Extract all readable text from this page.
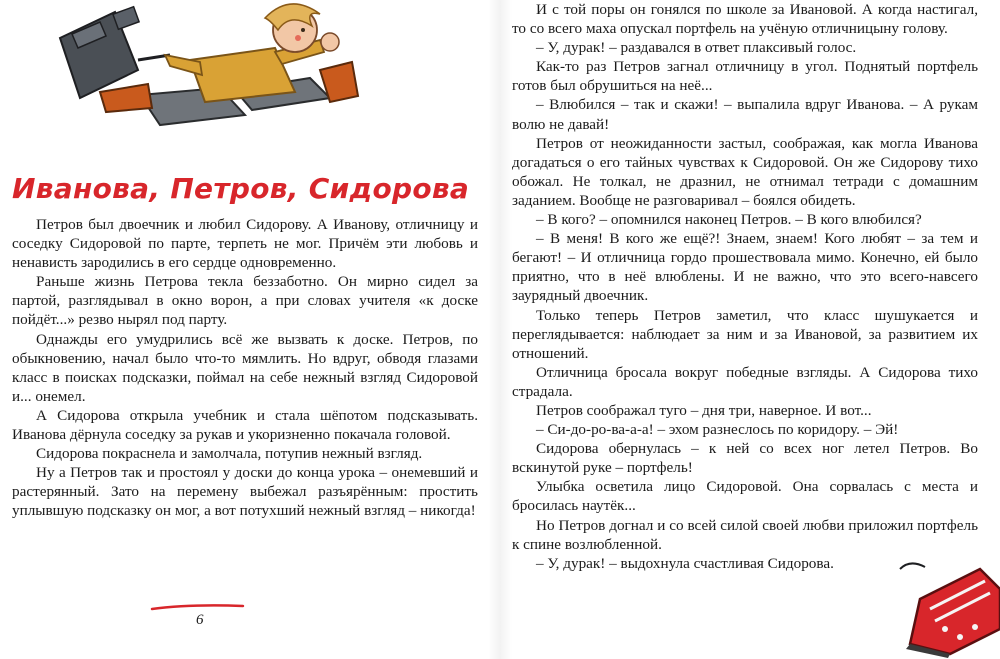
Иванова, Петров, Сидорова

Петров был двоечник и любил Сидорову. А Иванову, отличницу и соседку Сидоровой по парте, терпеть не мог. Причём эти любовь и ненависть зародились в его сердце одновременно.

Раньше жизнь Петрова текла беззаботно. Он мирно сидел за партой, разглядывал в окно ворон, а при словах учителя «к доске пойдёт...» резво нырял под парту.

Однажды его умудрились всё же вызвать к доске. Петров, по обыкновению, начал было что-то мямлить. Но вдруг, обводя глазами класс в поисках подсказки, поймал на себе нежный взгляд Сидоровой и... онемел.

А Сидорова открыла учебник и стала шёпотом подсказывать. Иванова дёрнула соседку за рукав и укоризненно покачала головой.

Сидорова покраснела и замолчала, потупив нежный взгляд.

Ну а Петров так и простоял у доски до конца урока – онемевший и растерянный. Зато на перемену выбежал разъярённым: простить уплывшую подсказку он мог, а вот потухший нежный взгляд – никогда!

6

И с той поры он гонялся по школе за Ивановой. А когда настигал, то со всего маха опускал портфель на учёную отличницыну голову.

– У, дурак! – раздавался в ответ плаксивый голос.

Как-то раз Петров загнал отличницу в угол. Поднятый портфель готов был обрушиться на неё...

– Влюбился – так и скажи! – выпалила вдруг Иванова. – А рукам волю не давай!

Петров от неожиданности застыл, соображая, как могла Иванова догадаться о его тайных чувствах к Сидоровой. Он же Сидорову тихо обожал. Не толкал, не дразнил, не отнимал тетради с домашним заданием. Вообще не разговаривал – боялся обидеть.

– В кого? – опомнился наконец Петров. – В кого влюбился?

– В меня! В кого же ещё?! Знаем, знаем! Кого любят – за тем и бегают! – И отличница гордо прошествовала мимо. Конечно, ей было приятно, что в неё влюблены. И не важно, что это всего-навсего заурядный двоечник.

Только теперь Петров заметил, что класс шушукается и переглядывается: наблюдает за ним и за Ивановой, за развитием их отношений.

Отличница бросала вокруг победные взгляды. А Сидорова тихо страдала.

Петров соображал туго – дня три, наверное. И вот...

– Си-до-ро-ва-а-а! – эхом разнеслось по коридору. – Эй!

Сидорова обернулась – к ней со всех ног летел Петров. Во вскинутой руке – портфель!

Улыбка осветила лицо Сидоровой. Она сорвалась с места и бросилась наутёк...

Но Петров догнал и со всей силой своей любви приложил портфель к спине возлюбленной.

– У, дурак! – выдохнула счастливая Сидорова.
